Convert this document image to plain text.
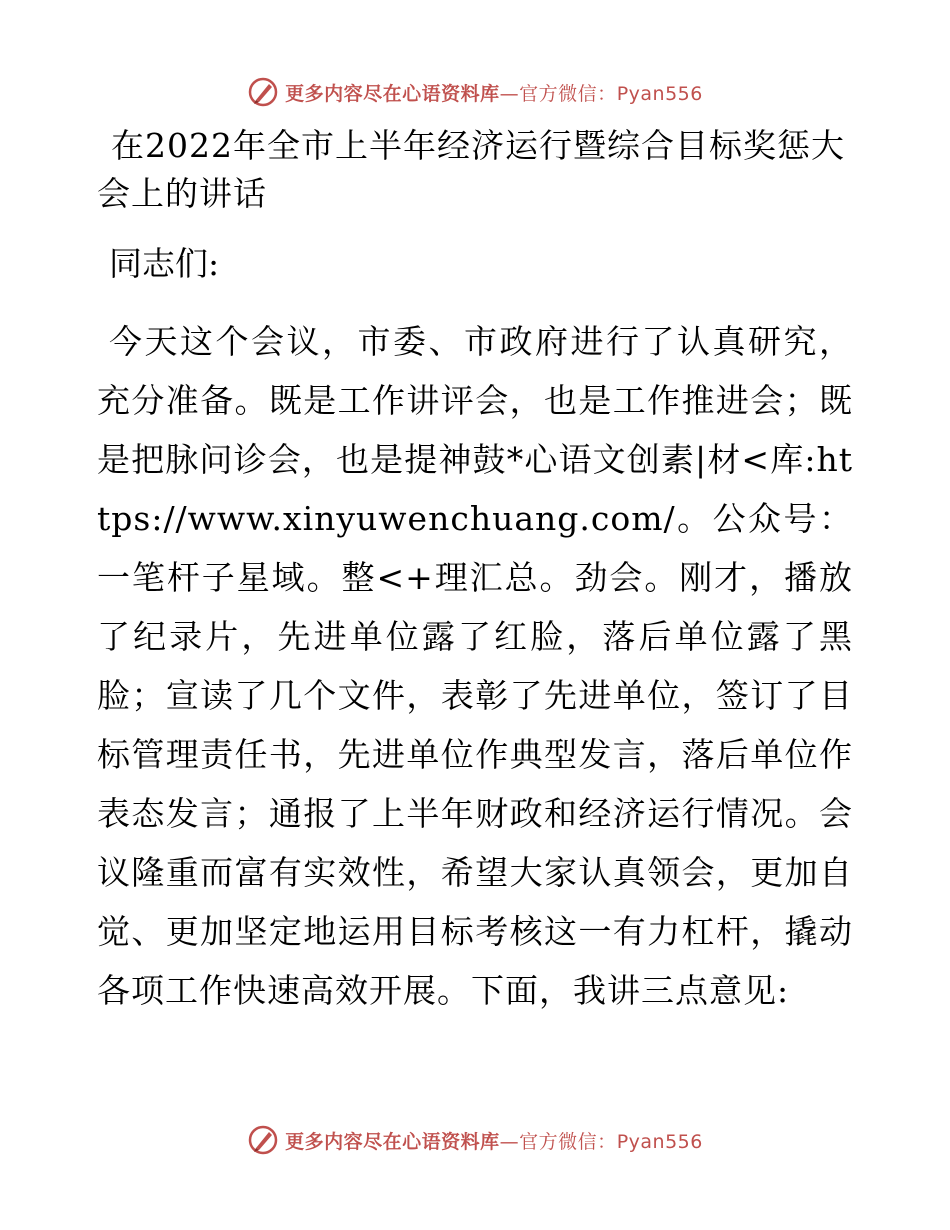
更多内容尽在心语资料库—官方微信：Pyan556
在2022年全市上半年经济运行暨综合目标奖惩大会上的讲话

同志们:

今天这个会议，市委、市政府进行了认真研究，充分准备。既是工作讲评会，也是工作推进会；既是把脉问诊会，也是提神鼓*心语文创素|材<库:https://www.xinyuwenchuang.com/。公众号：一笔杆子星域。整<+理汇总。劲会。刚才，播放了纪录片，先进单位露了红脸，落后单位露了黑脸；宣读了几个文件，表彰了先进单位，签订了目标管理责任书，先进单位作典型发言，落后单位作表态发言；通报了上半年财政和经济运行情况。会议隆重而富有实效性，希望大家认真领会，更加自觉、更加坚定地运用目标考核这一有力杠杆，撬动各项工作快速高效开展。下面，我讲三点意见:

更多内容尽在心语资料库—官方微信：Pyan556
